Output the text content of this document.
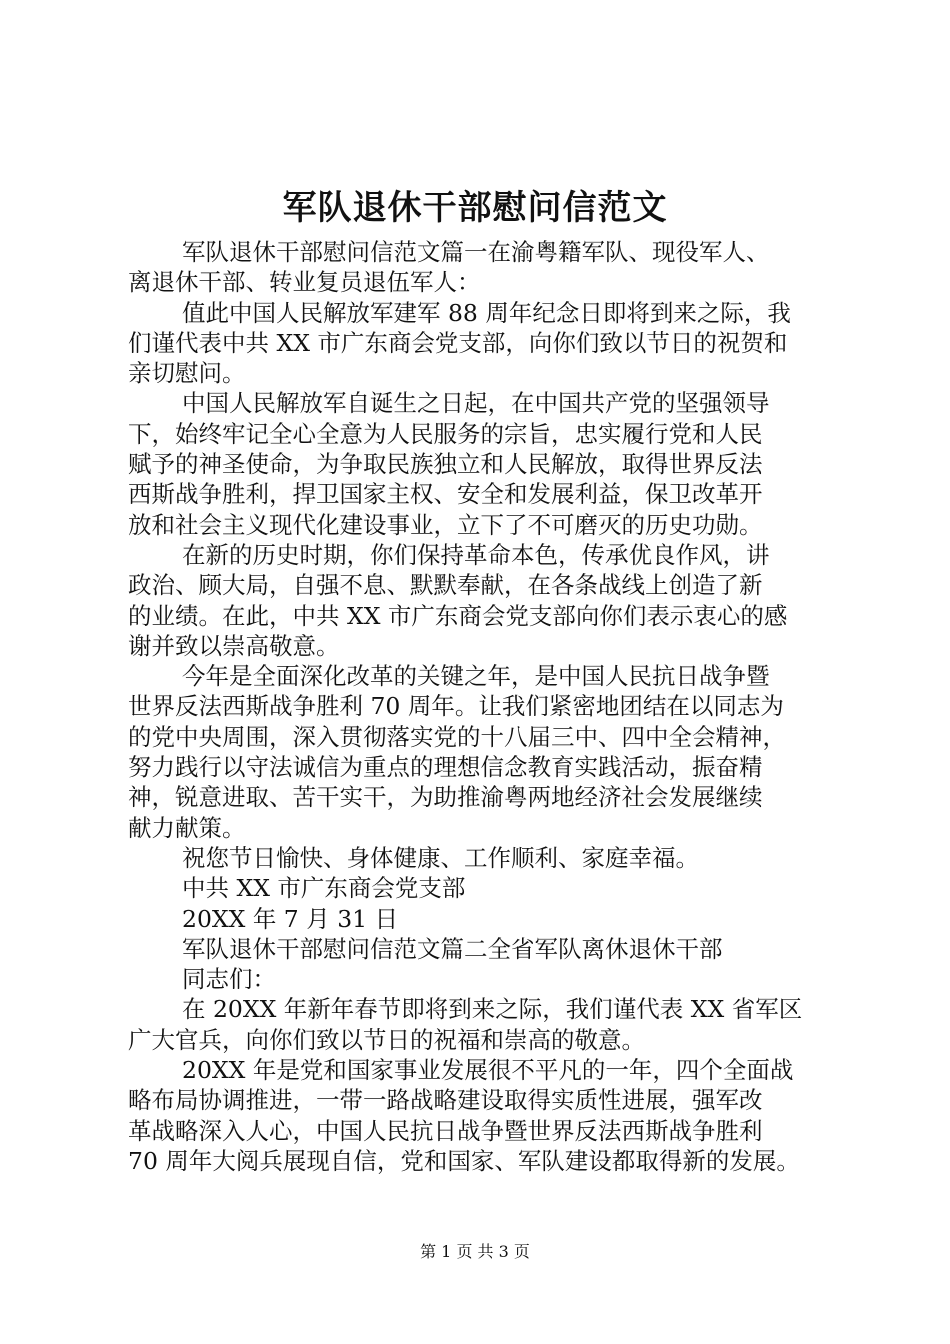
军队退休干部慰问信范文
军队退休干部慰问信范文篇一在渝粤籍军队、现役军人、
离退休干部、转业复员退伍军人：
值此中国人民解放军建军 88 周年纪念日即将到来之际，我
们谨代表中共 XX 市广东商会党支部，向你们致以节日的祝贺和
亲切慰问。
中国人民解放军自诞生之日起，在中国共产党的坚强领导
下，始终牢记全心全意为人民服务的宗旨，忠实履行党和人民
赋予的神圣使命，为争取民族独立和人民解放，取得世界反法
西斯战争胜利，捍卫国家主权、安全和发展利益，保卫改革开
放和社会主义现代化建设事业，立下了不可磨灭的历史功勋。
在新的历史时期，你们保持革命本色，传承优良作风，讲
政治、顾大局，自强不息、默默奉献，在各条战线上创造了新
的业绩。在此，中共 XX 市广东商会党支部向你们表示衷心的感
谢并致以崇高敬意。
今年是全面深化改革的关键之年，是中国人民抗日战争暨
世界反法西斯战争胜利 70 周年。让我们紧密地团结在以同志为
的党中央周围，深入贯彻落实党的十八届三中、四中全会精神，
努力践行以守法诚信为重点的理想信念教育实践活动，振奋精
神，锐意进取、苦干实干，为助推渝粤两地经济社会发展继续
献力献策。
祝您节日愉快、身体健康、工作顺利、家庭幸福。
中共 XX 市广东商会党支部
20XX 年 7 月 31 日
军队退休干部慰问信范文篇二全省军队离休退休干部
同志们：
在 20XX 年新年春节即将到来之际，我们谨代表 XX 省军区
广大官兵，向你们致以节日的祝福和崇高的敬意。
20XX 年是党和国家事业发展很不平凡的一年，四个全面战
略布局协调推进，一带一路战略建设取得实质性进展，强军改
革战略深入人心，中国人民抗日战争暨世界反法西斯战争胜利
70 周年大阅兵展现自信，党和国家、军队建设都取得新的发展。
第 1 页 共 3 页
